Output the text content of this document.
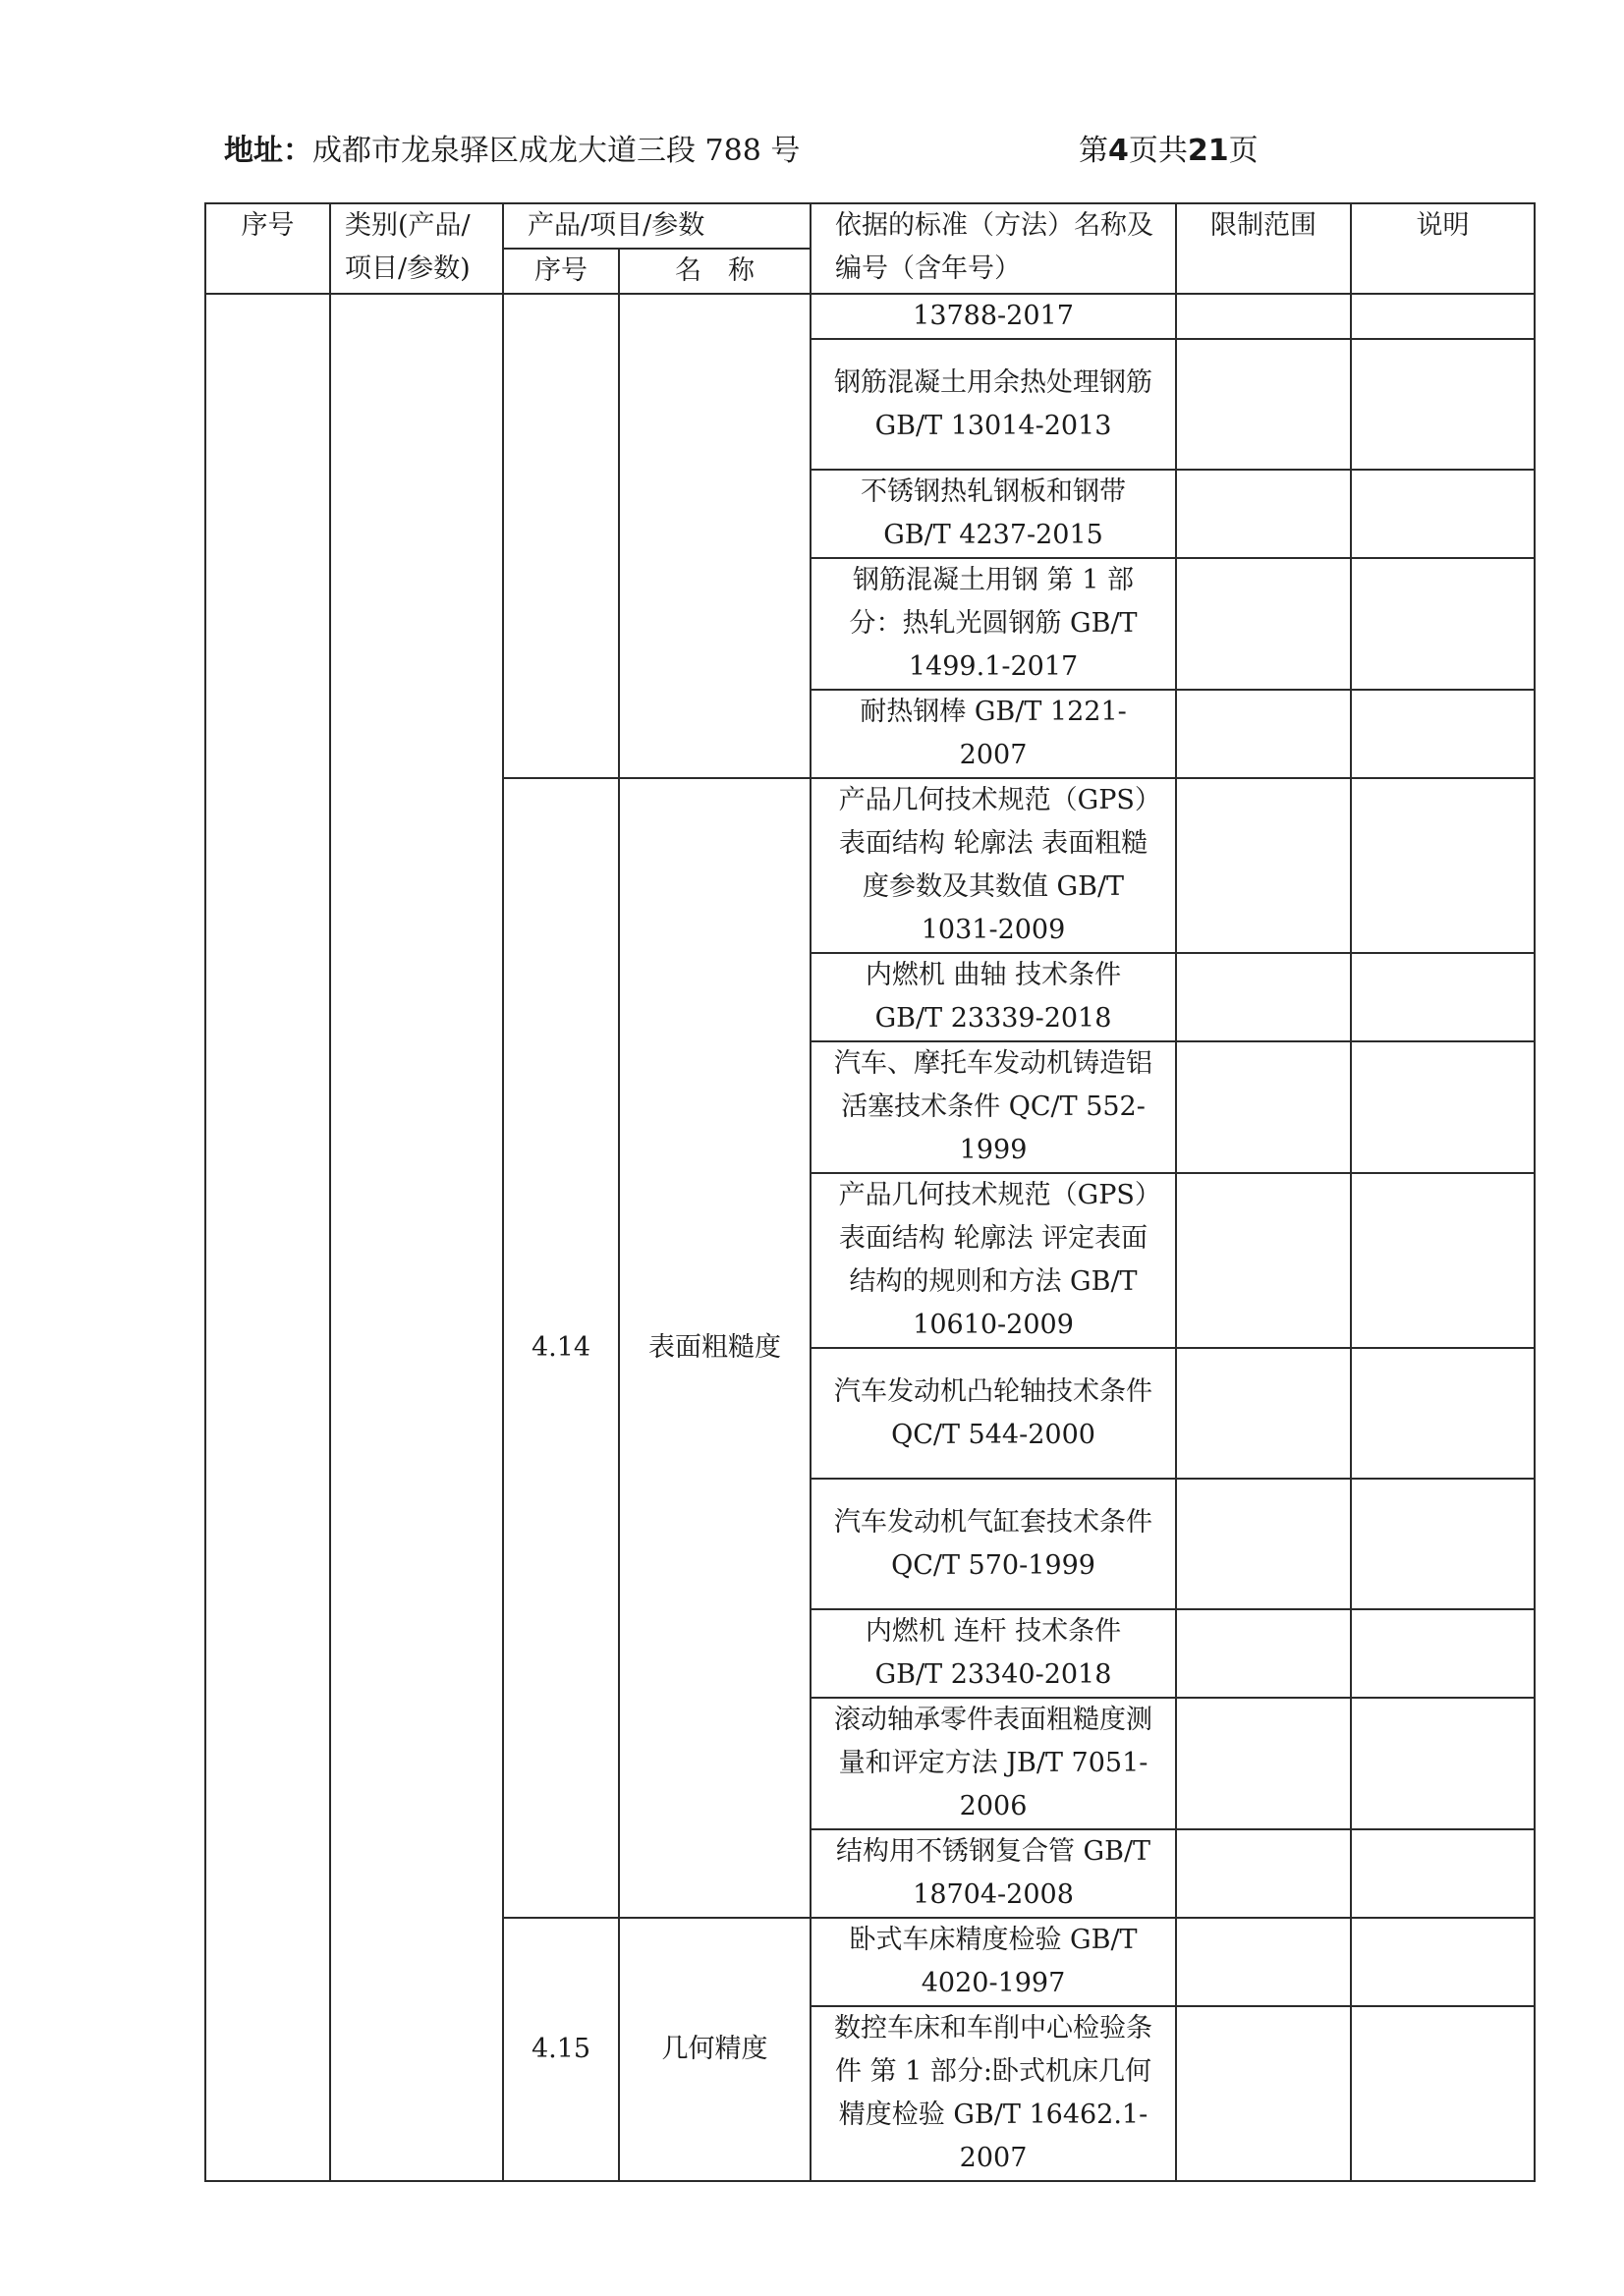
地址：成都市龙泉驿区成龙大道三段 788 号	第4页共21页
序号	类别(产品/项目/参数)	产品/项目/参数		依据的标准（方法）名称及编号（含年号）	限制范围	说明
		序号	名　称			
				13788-2017		
				钢筋混凝土用余热处理钢筋 GB/T 13014-2013		
				不锈钢热轧钢板和钢带 GB/T 4237-2015		
				钢筋混凝土用钢 第 1 部分：热轧光圆钢筋 GB/T 1499.1-2017		
				耐热钢棒 GB/T 1221-2007		
		4.14	表面粗糙度	产品几何技术规范（GPS）表面结构 轮廓法 表面粗糙度参数及其数值 GB/T 1031-2009		
				内燃机 曲轴 技术条件 GB/T 23339-2018		
				汽车、摩托车发动机铸造铝活塞技术条件 QC/T 552-1999		
				产品几何技术规范（GPS）表面结构 轮廓法 评定表面结构的规则和方法 GB/T 10610-2009		
				汽车发动机凸轮轴技术条件 QC/T 544-2000		
				汽车发动机气缸套技术条件 QC/T 570-1999		
				内燃机 连杆 技术条件 GB/T 23340-2018		
				滚动轴承零件表面粗糙度测量和评定方法 JB/T 7051-2006		
				结构用不锈钢复合管 GB/T 18704-2008		
		4.15	几何精度	卧式车床精度检验 GB/T 4020-1997		
				数控车床和车削中心检验条件 第 1 部分:卧式机床几何精度检验 GB/T 16462.1-2007		
